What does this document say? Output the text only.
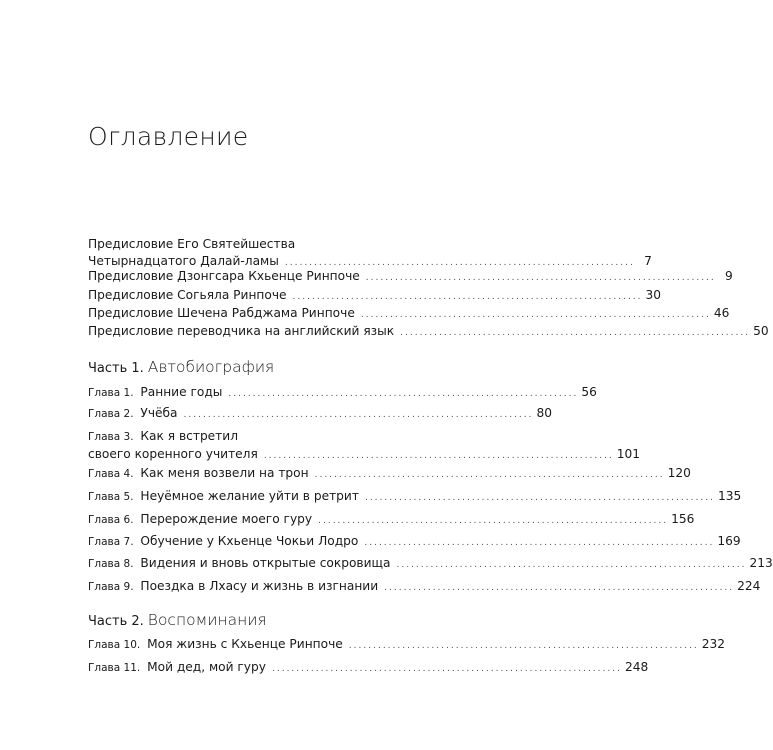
Оглавление
Предисловие Его Святейшества
Четырнадцатого Далай-ламы ........................................................................ 7
Предисловие Дзонгсара Кхьенце Ринпоче ........................................................................ 9
Предисловие Согьяла Ринпоче ........................................................................ 30
Предисловие Шечена Рабджама Ринпоче ........................................................................ 46
Предисловие переводчика на английский язык ........................................................................ 50
Часть 1. Автобиография
Глава 1. Ранние годы ........................................................................ 56
Глава 2. Учёба ........................................................................ 80
Глава 3. Как я встретил
своего коренного учителя ........................................................................ 101
Глава 4. Как меня возвели на трон ........................................................................ 120
Глава 5. Неуёмное желание уйти в ретрит ........................................................................ 135
Глава 6. Перерождение моего гуру ........................................................................ 156
Глава 7. Обучение у Кхьенце Чокьи Лодро ........................................................................ 169
Глава 8. Видения и вновь открытые сокровища ........................................................................ 213
Глава 9. Поездка в Лхасу и жизнь в изгнании ........................................................................ 224
Часть 2. Воспоминания
Глава 10. Моя жизнь с Кхьенце Ринпоче ........................................................................ 232
Глава 11. Мой дед, мой гуру ........................................................................ 248
